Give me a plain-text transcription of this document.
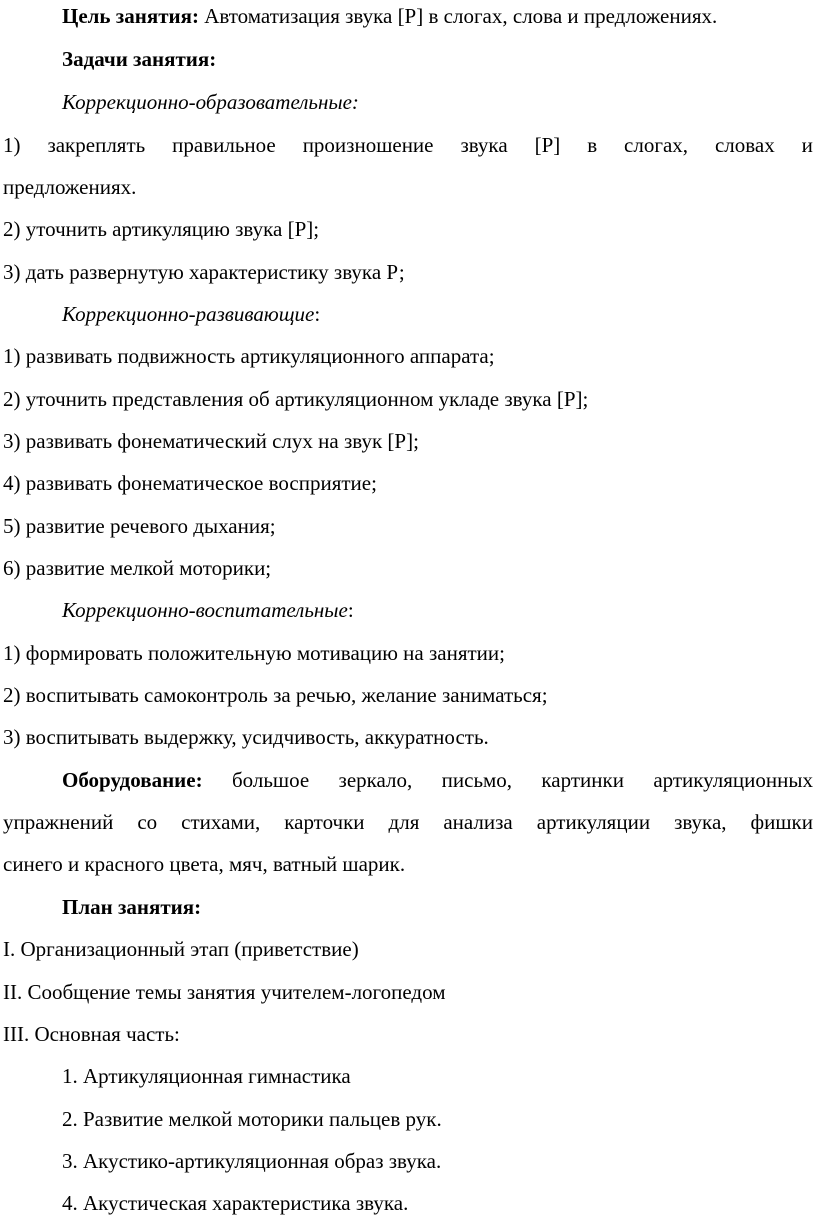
Цель занятия: Автоматизация звука [Р] в слогах, слова и предложениях.
Задачи занятия:
Коррекционно-образовательные:
1) закреплять правильное произношение звука [Р] в слогах, словах и
предложениях.
2) уточнить артикуляцию звука [Р];
3) дать развернутую характеристику звука Р;
Коррекционно-развивающие:
1) развивать подвижность артикуляционного аппарата;
2) уточнить представления об артикуляционном укладе звука [Р];
3) развивать фонематический слух на звук [Р];
4) развивать фонематическое восприятие;
5) развитие речевого дыхания;
6) развитие мелкой моторики;
Коррекционно-воспитательные:
1) формировать положительную мотивацию на занятии;
2) воспитывать самоконтроль за речью, желание заниматься;
3) воспитывать выдержку, усидчивость, аккуратность.
Оборудование: большое зеркало, письмо, картинки артикуляционных
упражнений со стихами, карточки для анализа артикуляции звука, фишки
синего и красного цвета, мяч, ватный шарик.
План занятия:
I. Организационный этап (приветствие)
II. Сообщение темы занятия учителем-логопедом
III. Основная часть:
1. Артикуляционная гимнастика
2. Развитие мелкой моторики пальцев рук.
3. Акустико-артикуляционная образ звука.
4. Акустическая характеристика звука.
